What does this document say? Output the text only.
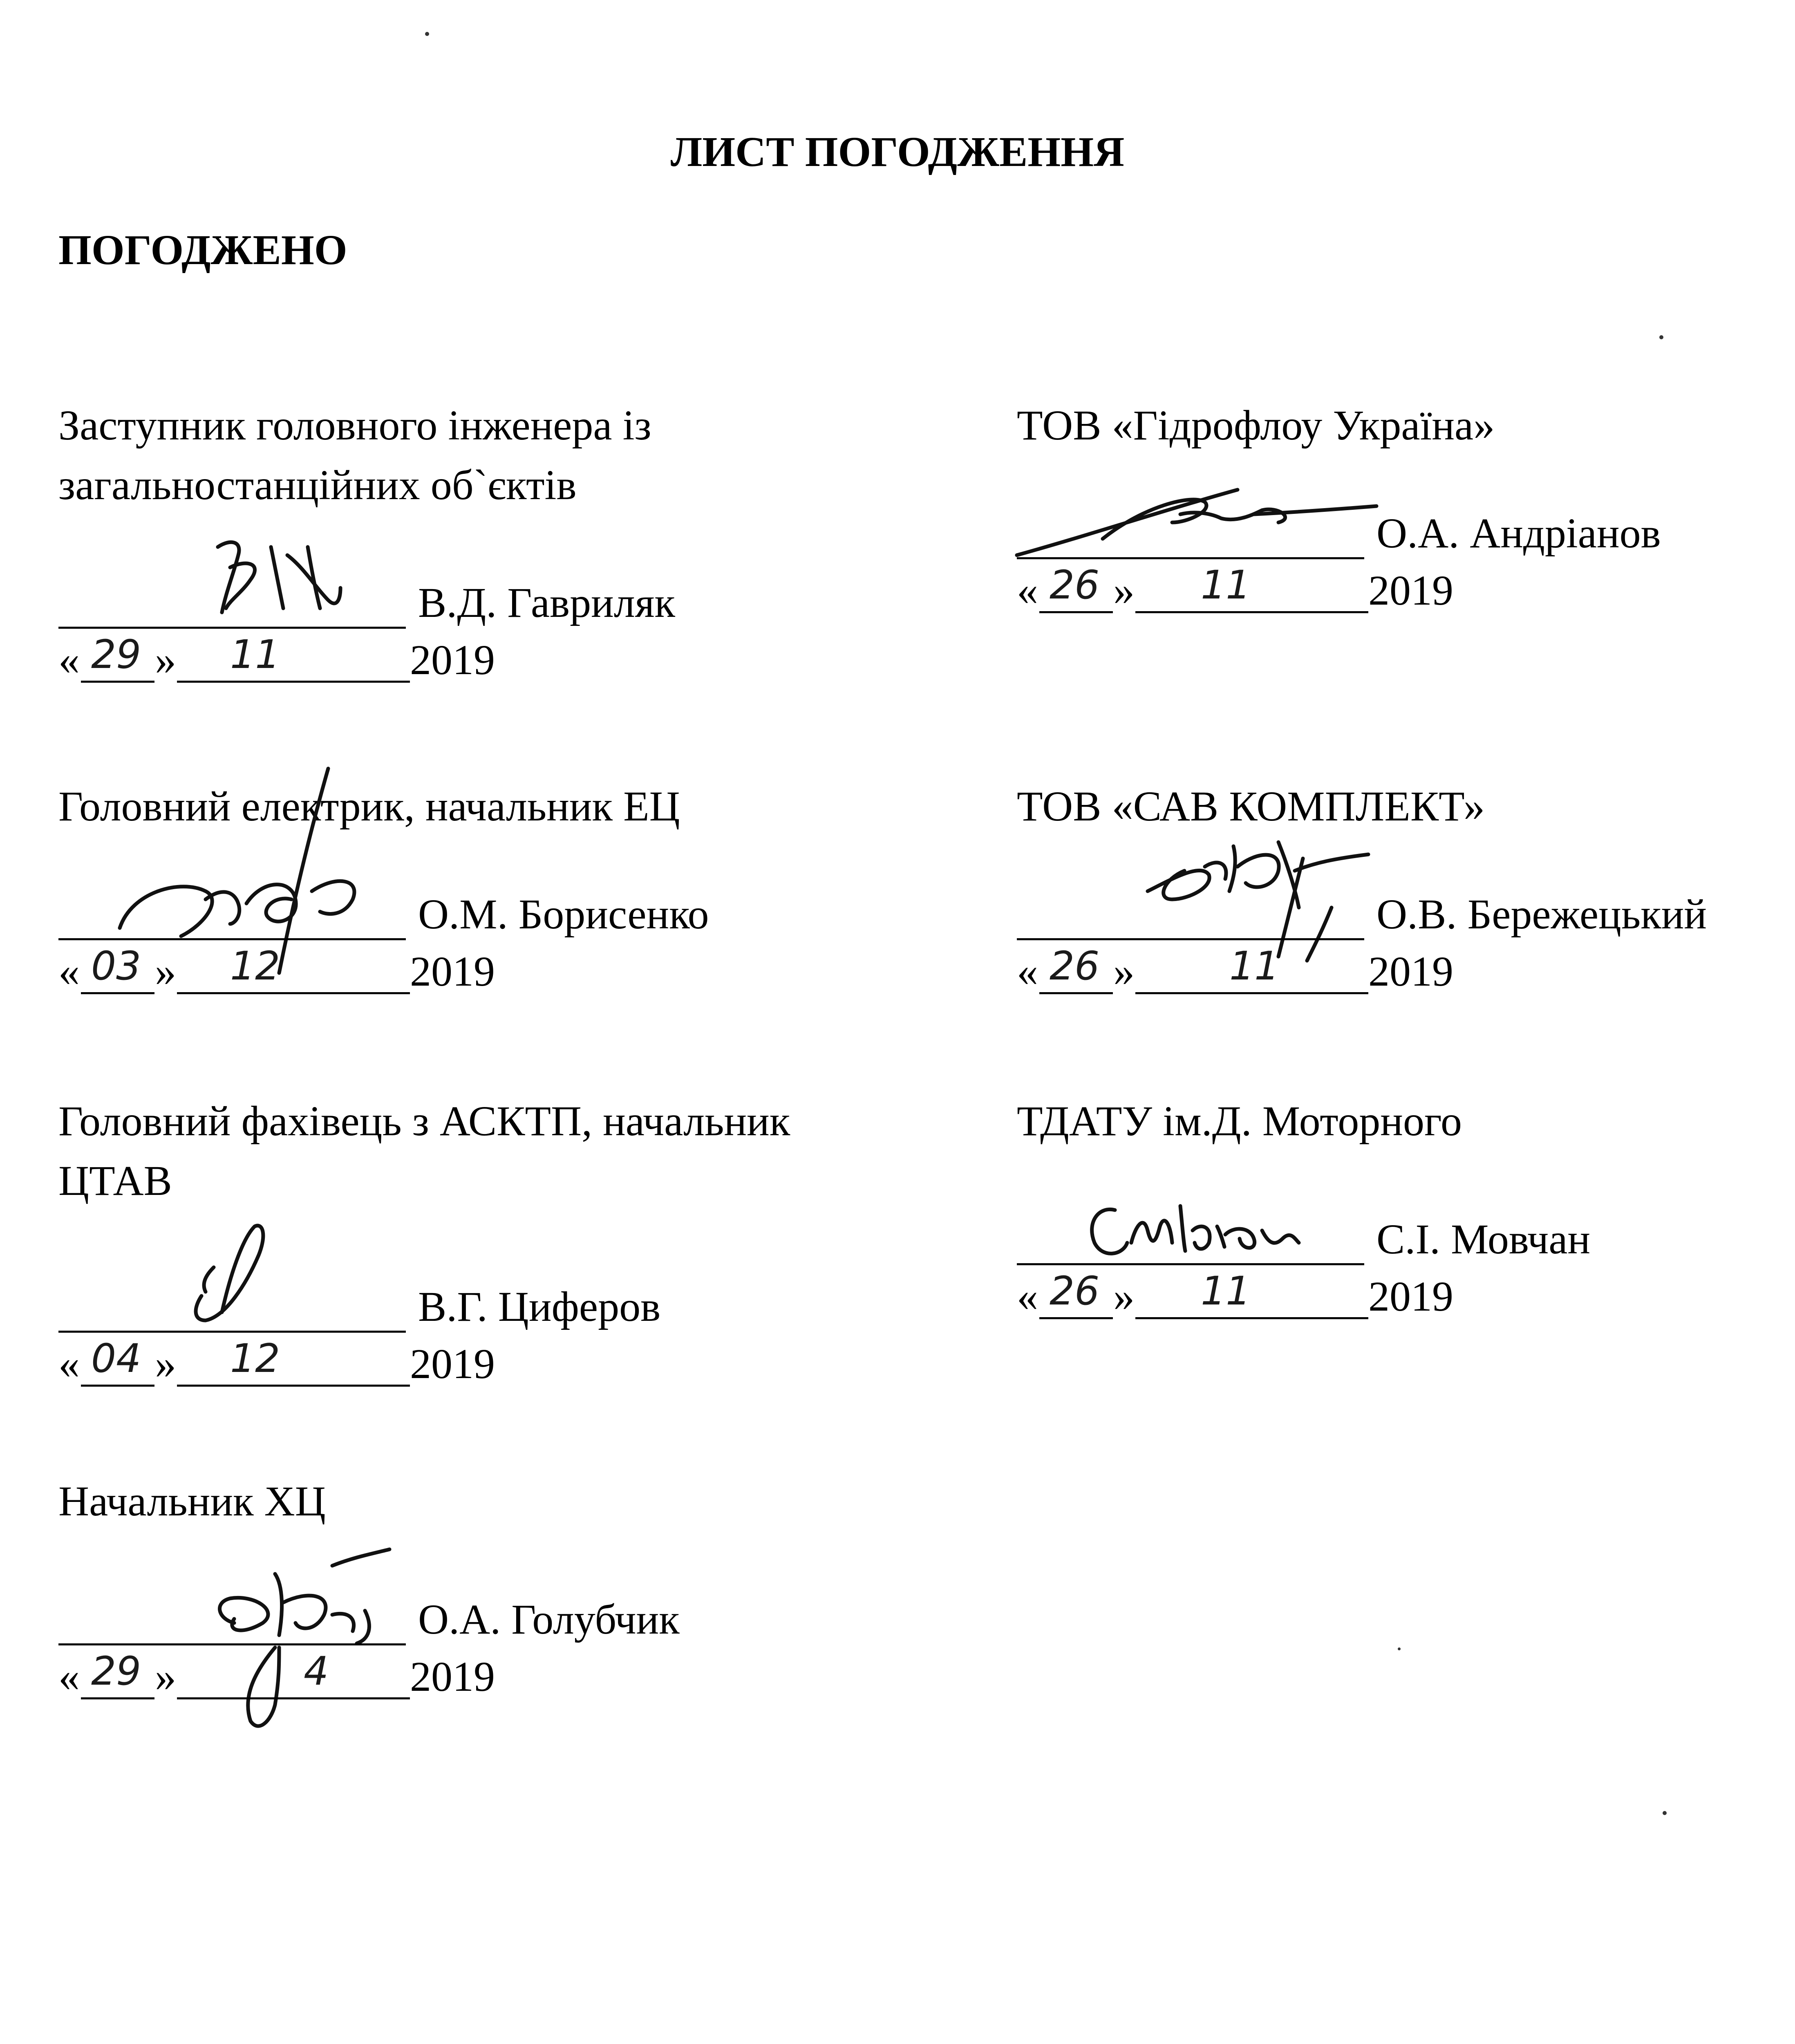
ЛИСТ ПОГОДЖЕННЯ
ПОГОДЖЕНО
Заступник головного інженера із
загальностанційних об`єктів
В.Д. Гавриляк
« 29 » 11	2019
Головний електрик, начальник ЕЦ
О.М. Борисенко
« 03 » 12	2019
Головний фахівець з АСКТП, начальник
ЦТАВ
В.Г. Циферов
« 04 » 12	2019
Начальник ХЦ
О.А. Голубчик
« 29 »	4 2019
ТОВ «Гідрофлоу Україна»
О.А. Андріанов
« 26 » 11	2019
ТОВ «САВ КОМПЛЕКТ»
О.В. Бережецький
« 26 » 11 2019
ТДАТУ ім.Д. Моторного
С.І. Мовчан
« 26 » 11	2019
